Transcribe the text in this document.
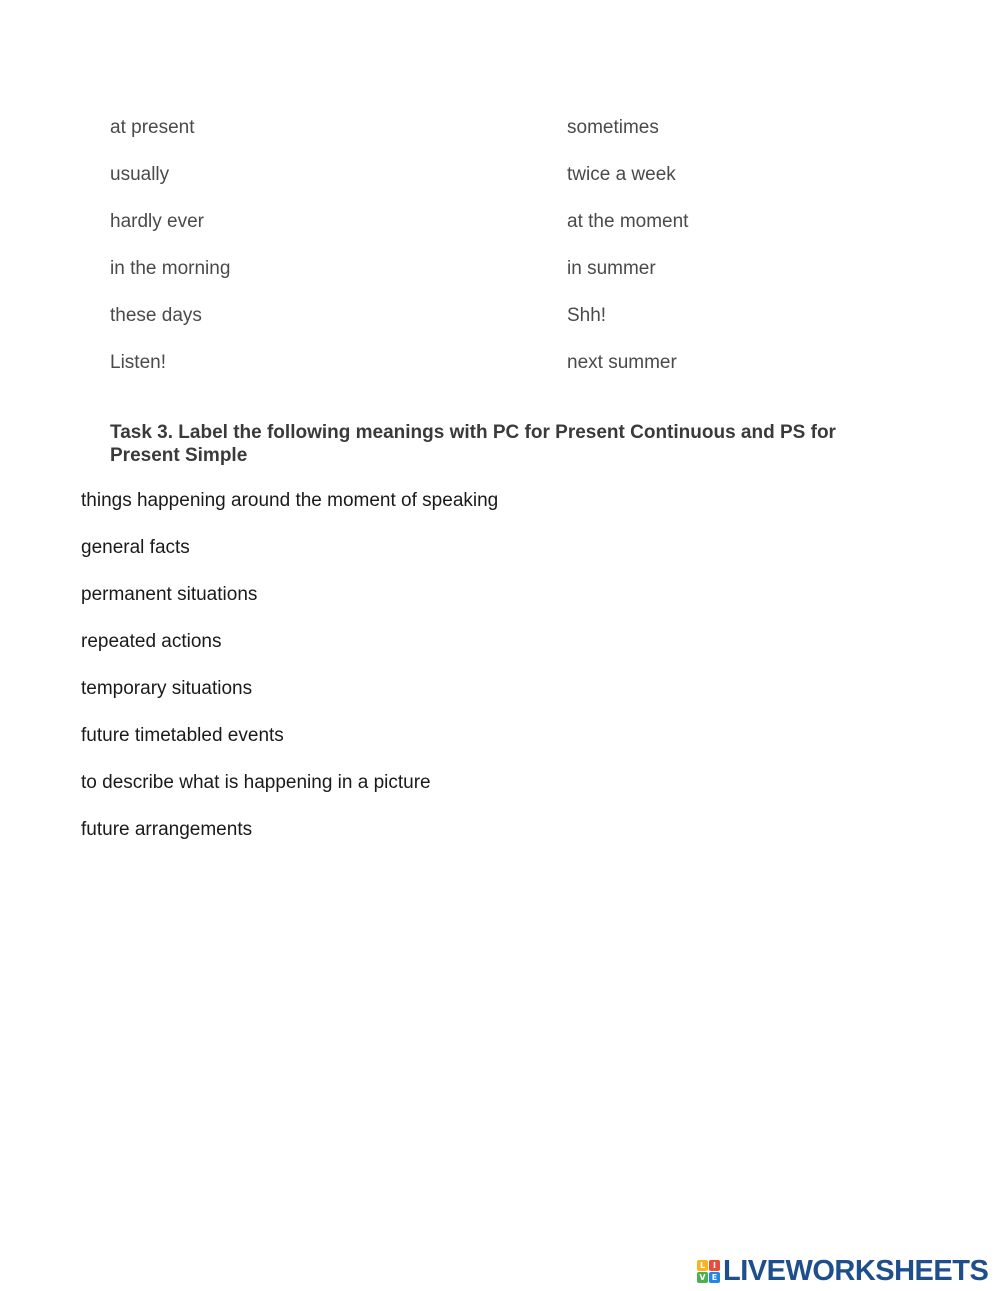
at present
usually
hardly ever
in the morning
these days
Listen!
sometimes
twice a week
at the moment
in summer
Shh!
next summer

Task 3. Label the following meanings with PC for Present Continuous and PS for Present Simple

things happening around the moment of speaking
general facts
permanent situations
repeated actions
temporary situations
future timetabled events
to describe what is happening in a picture
future arrangements
L I
V E LIVEWORKSHEETS
